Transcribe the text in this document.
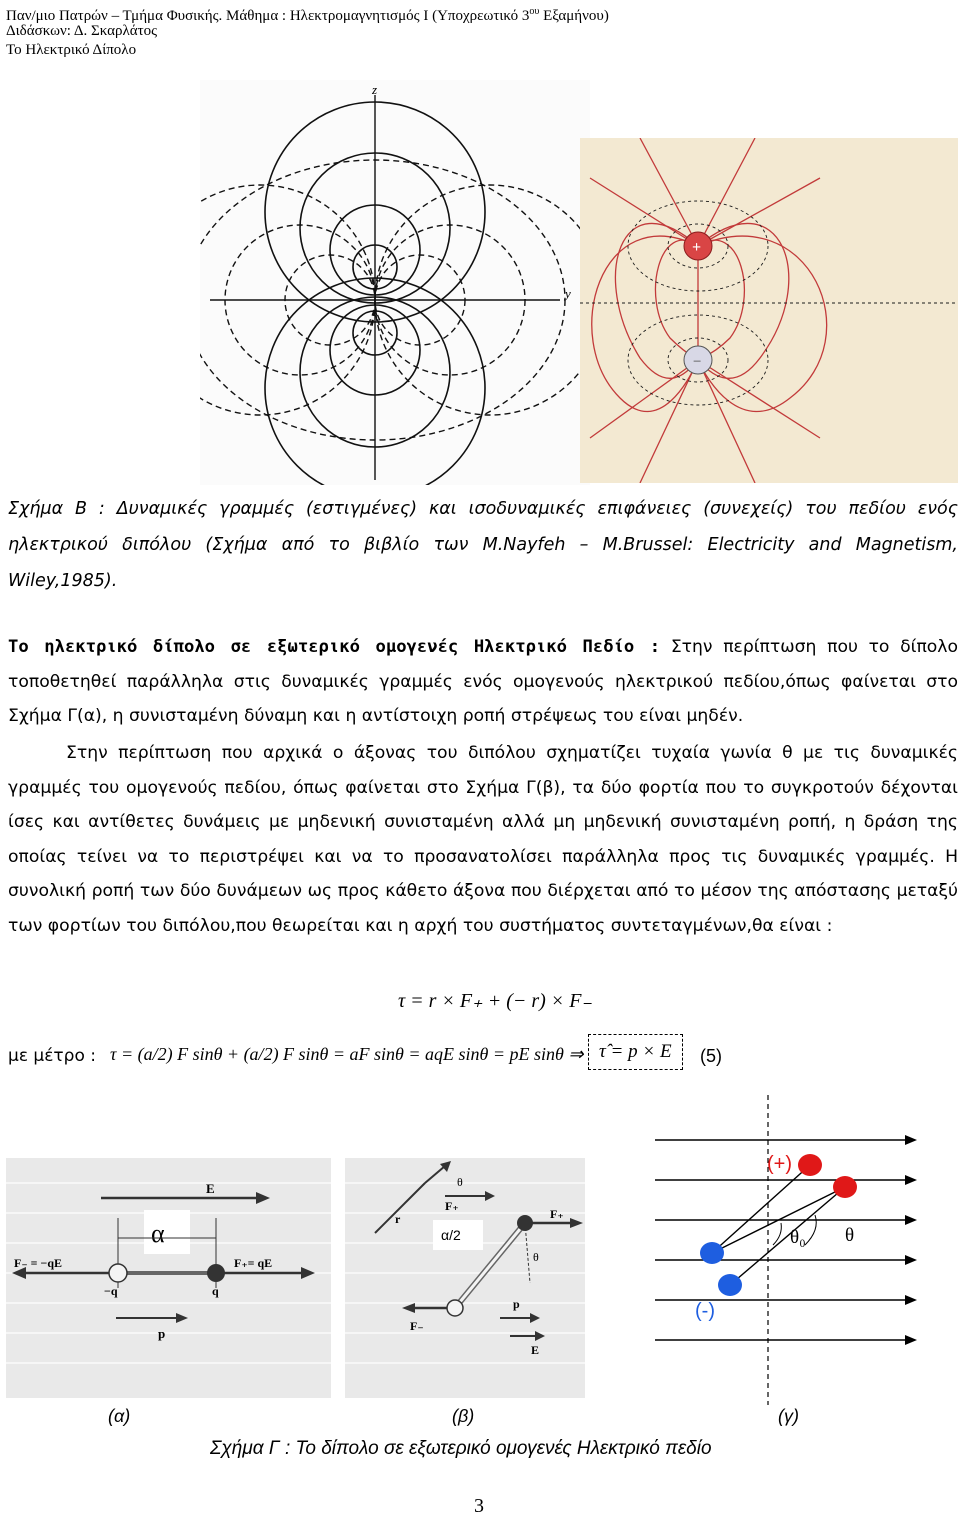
Παν/μιο Πατρών – Τμήμα Φυσικής. Μάθημα : Ηλεκτρομαγνητισμός Ι (Υποχρεωτικό $3^{o\upsilon}$ Εξαμήνου)
Διδάσκων: Δ. Σκαρλάτος
Το Ηλεκτρικό Δίπολο
z
y
+
−
Σχήμα Β : Δυναμικές γραμμές (εστιγμένες) και ισοδυναμικές επιφάνειες (συνεχείς) του πεδίου ενός ηλεκτρικού διπόλου (Σχήμα από το βιβλίο των M.Nayfeh – M.Brussel: Electricity and Magnetism, Wiley,1985).
Το ηλεκτρικό δίπολο σε εξωτερικό ομογενές Ηλεκτρικό Πεδίο : Στην περίπτωση που το δίπολο τοποθετηθεί παράλληλα στις δυναμικές γραμμές ενός ομογενούς ηλεκτρικού πεδίου,όπως φαίνεται στο Σχήμα Γ(α), η συνισταμένη δύναμη και η αντίστοιχη ροπή στρέψεως του είναι μηδέν.
Στην περίπτωση που αρχικά ο άξονας του διπόλου σχηματίζει τυχαία γωνία θ με τις δυναμικές γραμμές του ομογενούς πεδίου, όπως φαίνεται στο Σχήμα Γ(β), τα δύο φορτία που το συγκροτούν δέχονται ίσες και αντίθετες δυνάμεις με μηδενική συνισταμένη αλλά μη μηδενική συνισταμένη ροπή, η δράση της οποίας τείνει να το περιστρέψει και να το προσανατολίσει παράλληλα προς τις δυναμικές γραμμές. Η συνολική ροπή των δύο δυνάμεων ως προς κάθετο άξονα που διέρχεται από το μέσον της απόστασης μεταξύ των φορτίων του διπόλου,που θεωρείται και η αρχή του συστήματος συντεταγμένων,θα είναι :
τ = r × F₊ + (− r) × F₋
με μέτρο : τ = (a/2) F sinθ + (a/2) F sinθ = aF sinθ = aqE sinθ = pE sinθ ⇒ τ̂ = p × E	(5)
E
α
F₋ = −qE	F₊= qE
−q	q
p
θ
r	F₊
F₋
F₊
α/2
θ
p
E
(+)
(-)
θ₀ θ
(α)	(β)	(γ)
Σχήμα Γ : Το δίπολο σε εξωτερικό ομογενές Ηλεκτρικό πεδίο
3
